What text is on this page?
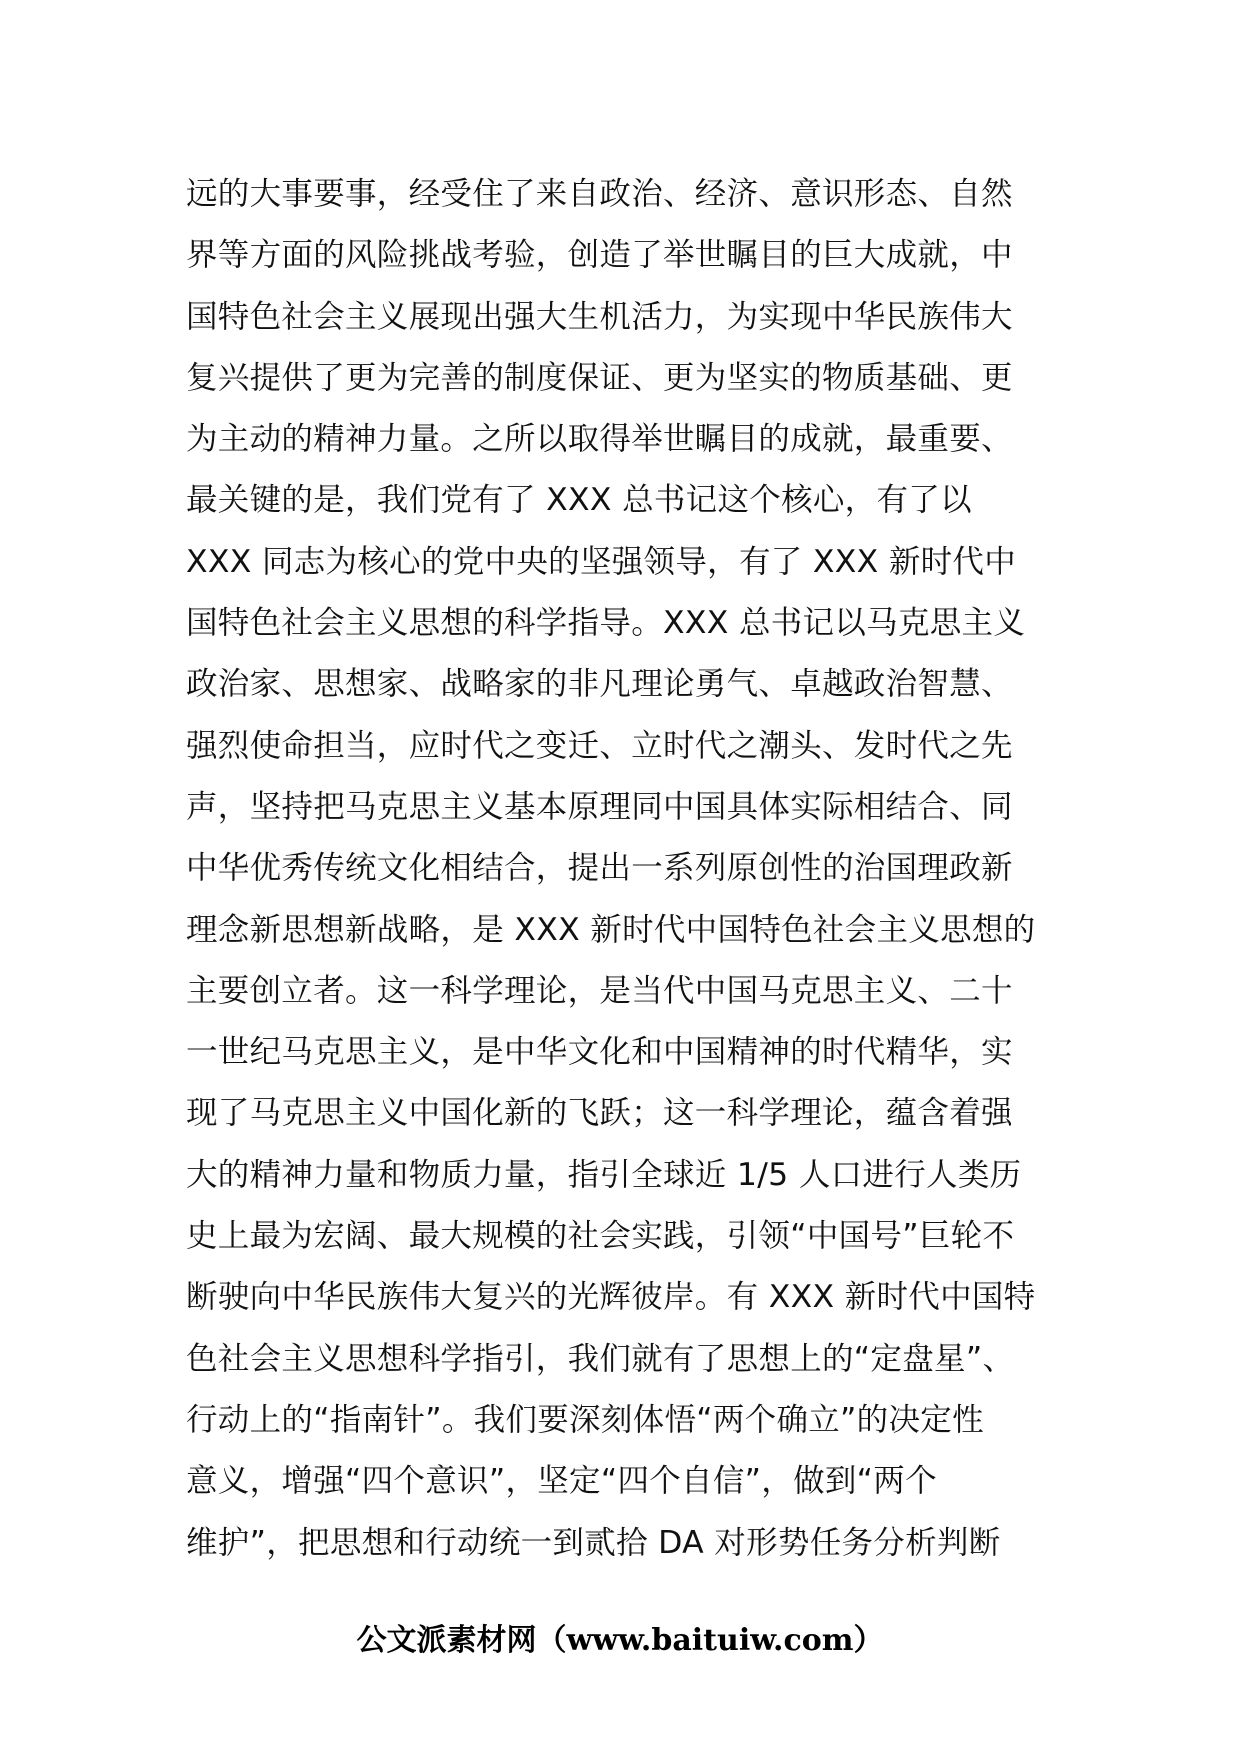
远的大事要事，经受住了来自政治、经济、意识形态、自然
界等方面的风险挑战考验，创造了举世瞩目的巨大成就，中
国特色社会主义展现出强大生机活力，为实现中华民族伟大
复兴提供了更为完善的制度保证、更为坚实的物质基础、更
为主动的精神力量。之所以取得举世瞩目的成就，最重要、
最关键的是，我们党有了 XXX 总书记这个核心，有了以
XXX 同志为核心的党中央的坚强领导，有了 XXX 新时代中
国特色社会主义思想的科学指导。XXX 总书记以马克思主义
政治家、思想家、战略家的非凡理论勇气、卓越政治智慧、
强烈使命担当，应时代之变迁、立时代之潮头、发时代之先
声，坚持把马克思主义基本原理同中国具体实际相结合、同
中华优秀传统文化相结合，提出一系列原创性的治国理政新
理念新思想新战略，是 XXX 新时代中国特色社会主义思想的
主要创立者。这一科学理论，是当代中国马克思主义、二十
一世纪马克思主义，是中华文化和中国精神的时代精华，实
现了马克思主义中国化新的飞跃；这一科学理论，蕴含着强
大的精神力量和物质力量，指引全球近 1/5 人口进行人类历
史上最为宏阔、最大规模的社会实践，引领“中国号”巨轮不
断驶向中华民族伟大复兴的光辉彼岸。有 XXX 新时代中国特
色社会主义思想科学指引，我们就有了思想上的“定盘星”、
行动上的“指南针”。我们要深刻体悟“两个确立”的决定性
意义，增强“四个意识”，坚定“四个自信”，做到“两个
维护”，把思想和行动统一到贰拾 DA 对形势任务分析判断
公文派素材网（www.baituiw.com）
